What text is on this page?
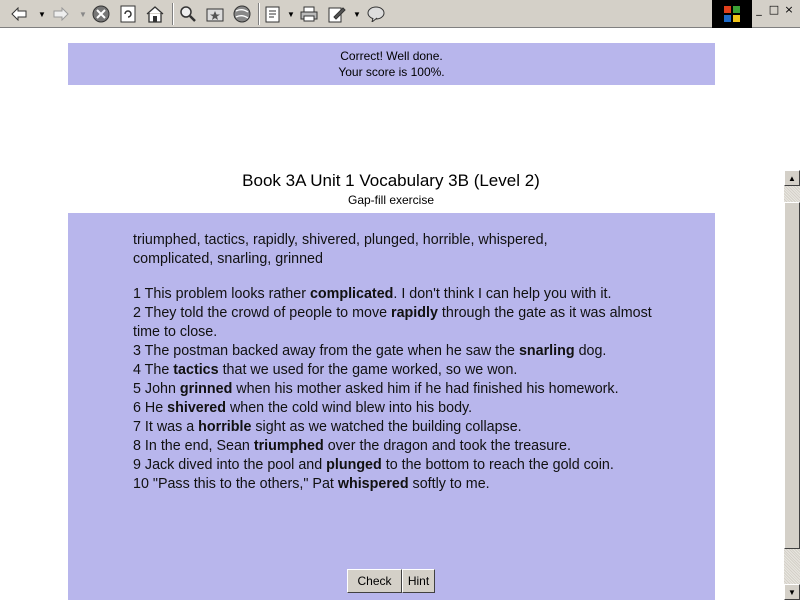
▼	▼	▼	▼	_ □ ×
Correct! Well done.
Your score is 100%.
Book 3A Unit 1 Vocabulary 3B (Level 2)
Gap-fill exercise
triumphed, tactics, rapidly, shivered, plunged, horrible, whispered, complicated, snarling, grinned
1 This problem looks rather complicated. I don't think I can help you with it.
2 They told the crowd of people to move rapidly through the gate as it was almost time to close.
3 The postman backed away from the gate when he saw the snarling dog.
4 The tactics that we used for the game worked, so we won.
5 John grinned when his mother asked him if he had finished his homework.
6 He shivered when the cold wind blew into his body.
7 It was a horrible sight as we watched the building collapse.
8 In the end, Sean triumphed over the dragon and took the treasure.
9 Jack dived into the pool and plunged to the bottom to reach the gold coin.
10 "Pass this to the others," Pat whispered softly to me.
Check	Hint
▲
▼
